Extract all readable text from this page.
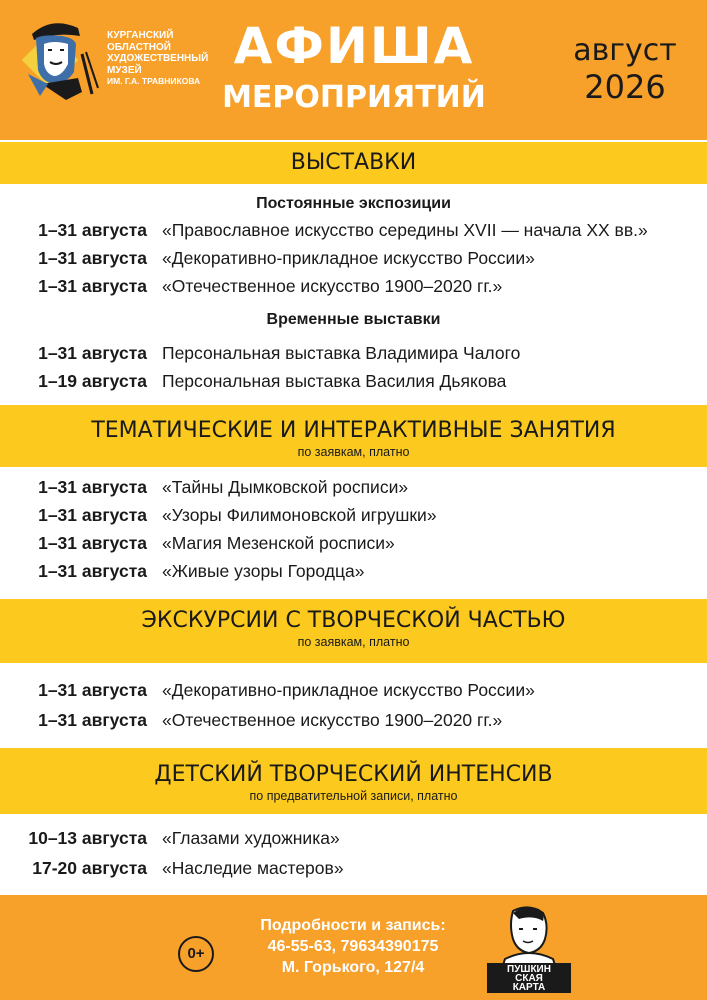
КУРГАНСКИЙ
ОБЛАСТНОЙ
ХУДОЖЕСТВЕННЫЙ
МУЗЕЙ
ИМ. Г.А. ТРАВНИКОВА
АФИША
МЕРОПРИЯТИЙ
август
2026
ВЫСТАВКИ
Постоянные экспозиции
1–31 августа «Православное искусство середины XVII — начала XX вв.»
1–31 августа «Декоративно-прикладное искусство России»
1–31 августа «Отечественное искусство 1900–2020 гг.»
Временные выставки
1–31 августа Персональная выставка Владимира Чалого
1–19 августа Персональная выставка Василия Дьякова
ТЕМАТИЧЕСКИЕ И ИНТЕРАКТИВНЫЕ ЗАНЯТИЯ
по заявкам, платно
1–31 августа «Тайны Дымковской росписи»
1–31 августа «Узоры Филимоновской игрушки»
1–31 августа «Магия Мезенской росписи»
1–31 августа «Живые узоры Городца»
ЭКСКУРСИИ С ТВОРЧЕСКОЙ ЧАСТЬЮ
по заявкам, платно
1–31 августа «Декоративно-прикладное искусство России»
1–31 августа «Отечественное искусство 1900–2020 гг.»
ДЕТСКИЙ ТВОРЧЕСКИЙ ИНТЕНСИВ
по предватительной записи, платно
10–13 августа «Глазами художника»
17-20 августа «Наследие мастеров»
0+
Подробности и запись:
46-55-63, 79634390175
М. Горького, 127/4	ПУШКИН
СКАЯ
КАРТА
